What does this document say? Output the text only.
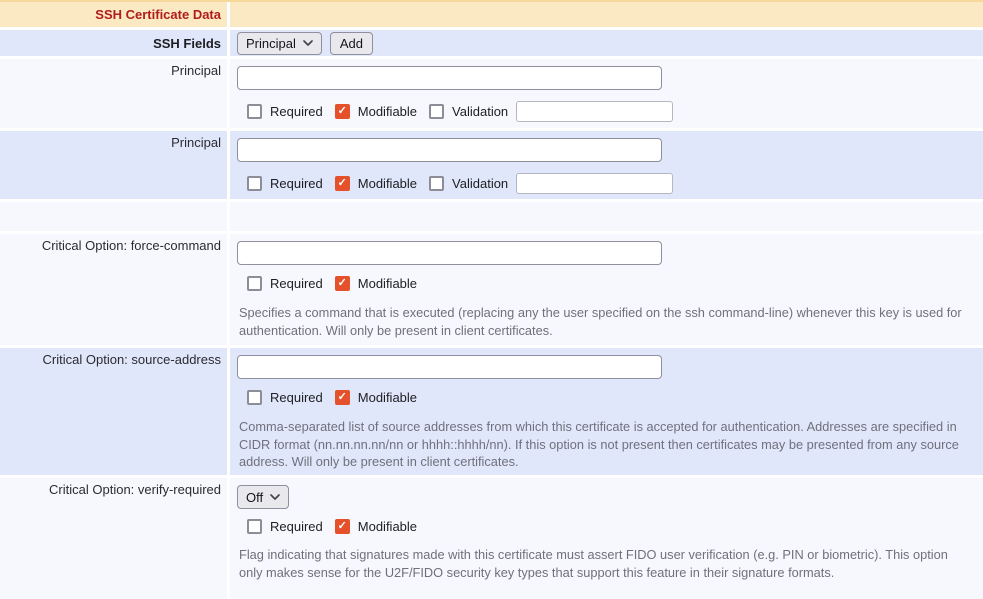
SSH Certificate Data
SSH Fields	Principal	Add
Principal
Required ✓	Modifiable	Validation
Principal
Required ✓	Modifiable	Validation
Critical Option: force-command
Required ✓	Modifiable
Specifies a command that is executed (replacing any the user specified on the ssh command-line) whenever this key is used for authentication. Will only be present in client certificates.
Critical Option: source-address
Required ✓	Modifiable
Comma-separated list of source addresses from which this certificate is accepted for authentication. Addresses are specified in CIDR format (nn.nn.nn.nn/nn or hhhh::hhhh/nn). If this option is not present then certificates may be presented from any source address. Will only be present in client certificates.
Critical Option: verify-required	Off
Required ✓	Modifiable
Flag indicating that signatures made with this certificate must assert FIDO user verification (e.g. PIN or biometric). This option only makes sense for the U2F/FIDO security key types that support this feature in their signature formats.
